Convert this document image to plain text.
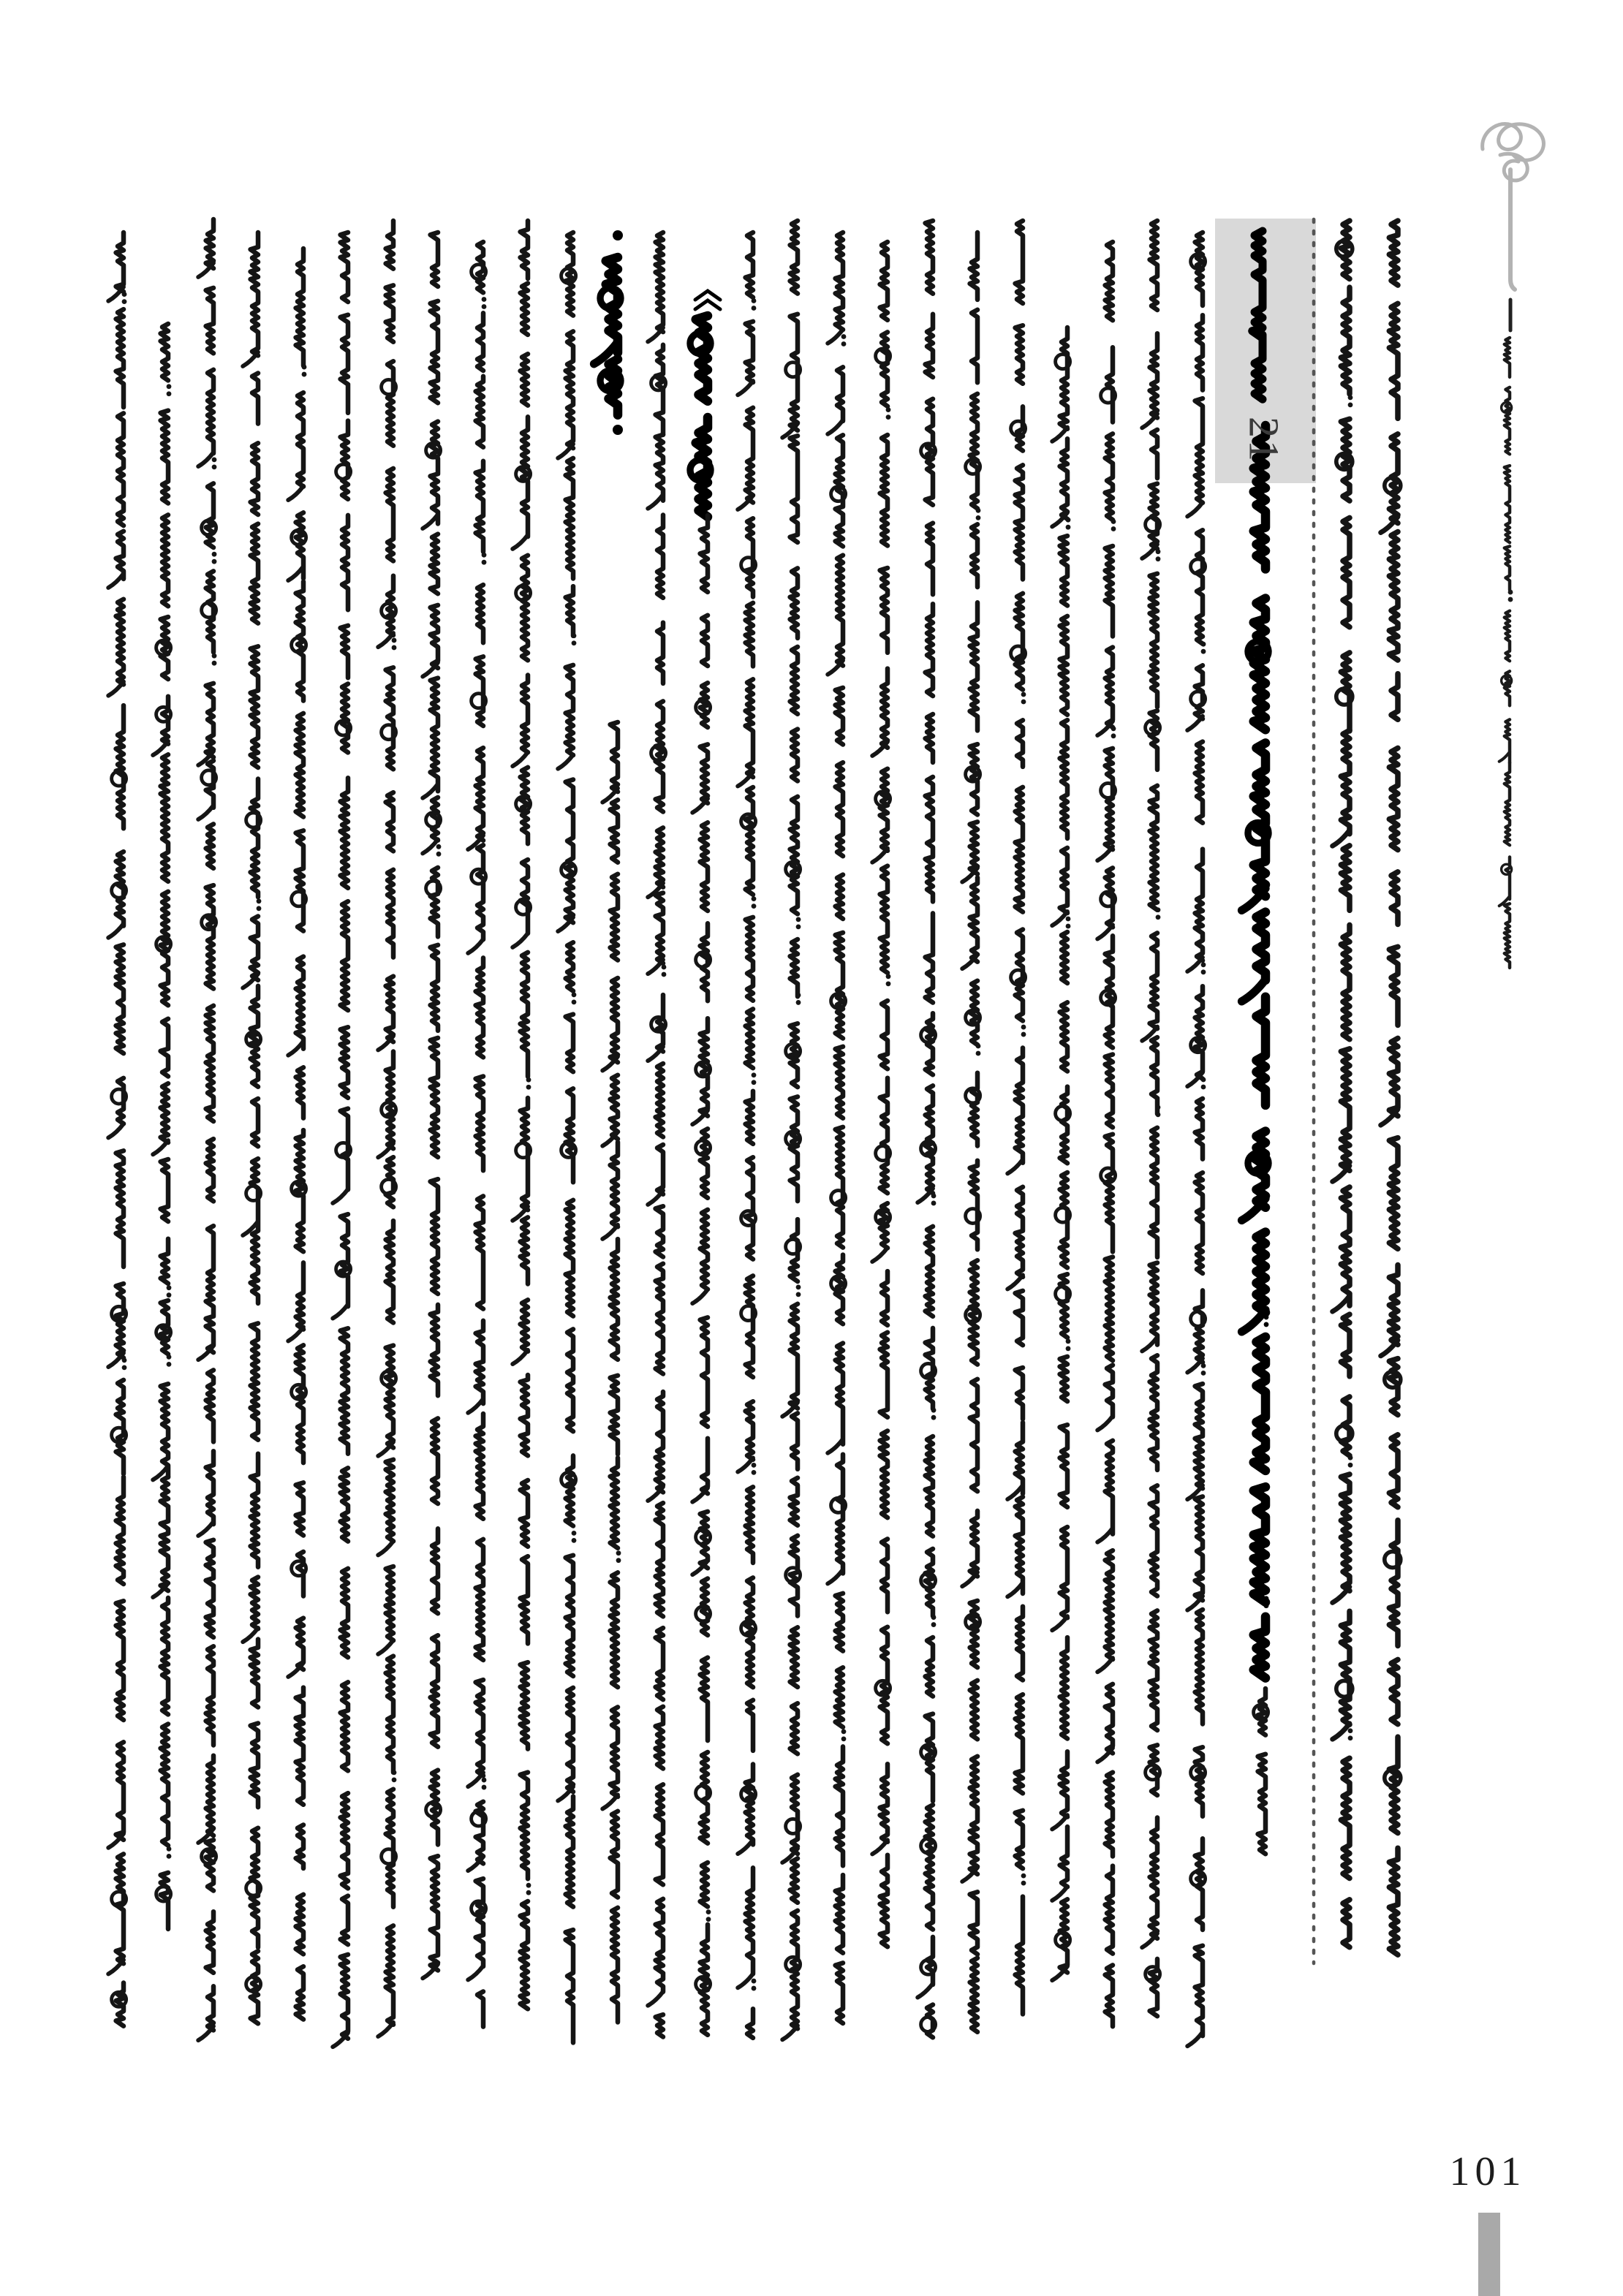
21
101
